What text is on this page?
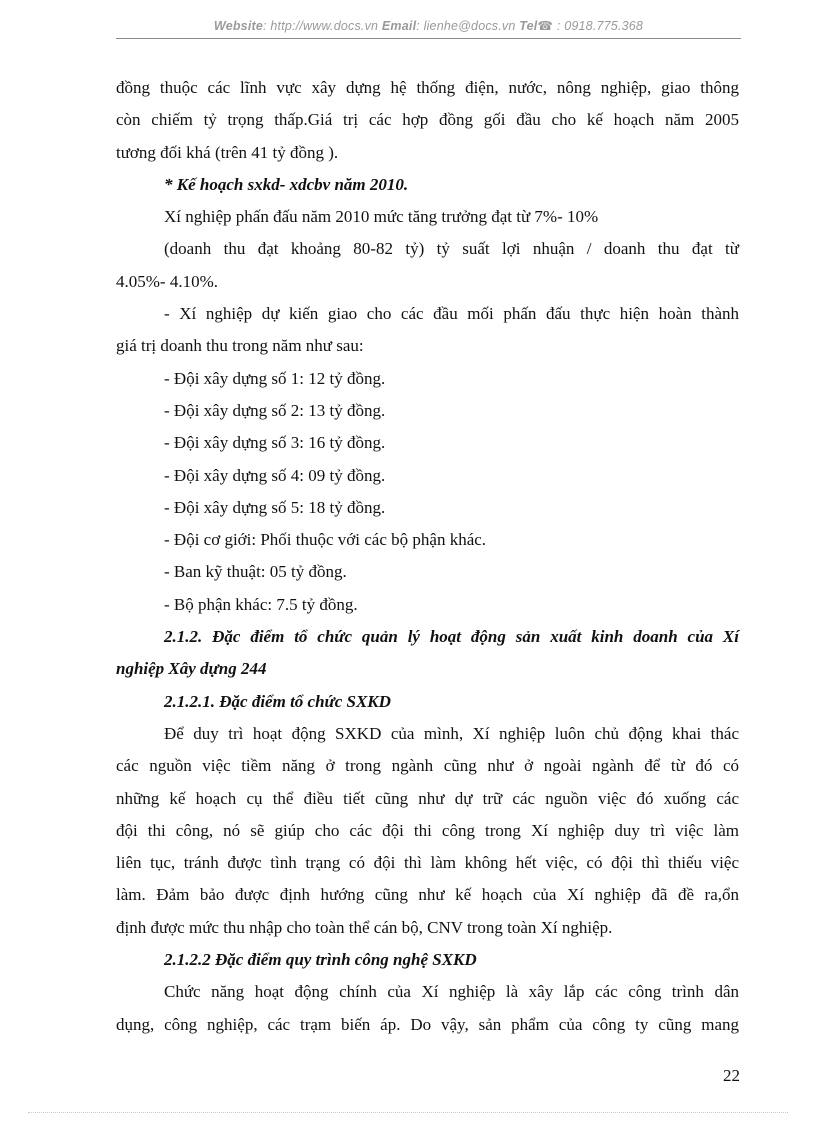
Website: http://www.docs.vn Email: lienhe@docs.vn Tel☎ : 0918.775.368
đồng thuộc các lĩnh vực xây dựng hệ thống điện, nước, nông nghiệp, giao thông
còn chiếm tỷ trọng thấp.Giá trị các hợp đồng gối đầu cho kế hoạch năm 2005
tương đối khá (trên 41 tỷ đồng ).
* Kế hoạch sxkd- xdcbv năm 2010.
Xí nghiệp phấn đấu năm 2010 mức tăng trưởng đạt từ 7%- 10%
(doanh thu đạt khoảng 80-82 tỷ) tỷ suất lợi nhuận / doanh thu đạt từ
4.05%- 4.10%.
- Xí nghiệp dự kiến giao cho các đầu mối phấn đấu thực hiện hoàn thành
giá trị doanh thu trong năm như sau:
- Đội xây dựng số 1: 12 tỷ đồng.
- Đội xây dựng số 2: 13 tỷ đồng.
- Đội xây dựng số 3: 16 tỷ đồng.
- Đội xây dựng số 4: 09 tỷ đồng.
- Đội xây dựng số 5: 18 tỷ đồng.
- Đội cơ giới: Phối thuộc với các bộ phận khác.
- Ban kỹ thuật: 05 tỷ đồng.
- Bộ phận khác: 7.5 tỷ đồng.
2.1.2. Đặc điểm tổ chức quản lý hoạt động sản xuất kinh doanh của Xí
nghiệp Xây dựng 244
2.1.2.1. Đặc điểm tổ chức SXKD
Để duy trì hoạt động SXKD của mình, Xí nghiệp luôn chủ động khai thác
các nguồn việc tiềm năng ở trong ngành cũng như ở ngoài ngành để từ đó có
những kế hoạch cụ thể điều tiết cũng như dự trữ các nguồn việc đó xuống các
đội thi công, nó sẽ giúp cho các đội thi công trong Xí nghiệp duy trì việc làm
liên tục, tránh được tình trạng có đội thì làm không hết việc, có đội thì thiếu việc
làm. Đảm bảo được định hướng cũng như kế hoạch của Xí nghiệp đã đề ra,ổn
định được mức thu nhập cho toàn thể cán bộ, CNV trong toàn Xí nghiệp.
2.1.2.2 Đặc điểm quy trình công nghệ SXKD
Chức năng hoạt động chính của Xí nghiệp là xây lắp các công trình dân
dụng, công nghiệp, các trạm biến áp. Do vậy, sản phẩm của công ty cũng mang
22
